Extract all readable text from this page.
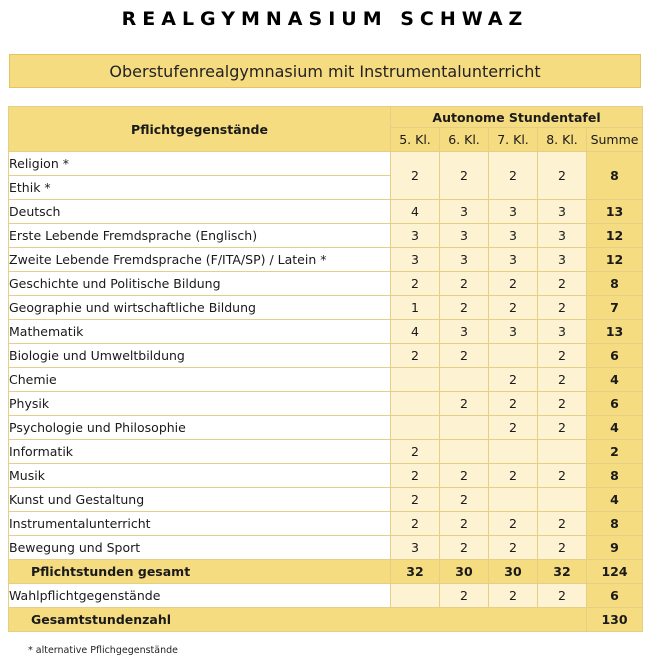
REALGYMNASIUM SCHWAZ
Oberstufenrealgymnasium mit Instrumentalunterricht
Pflichtgegenstände	Autonome Stundentafel				
	5. Kl.	6. Kl.	7. Kl.	8. Kl.	Summe
Religion *	2	2	2	2	8
Ethik *					
Deutsch	4	3	3	3	13
Erste Lebende Fremdsprache (Englisch)	3	3	3	3	12
Zweite Lebende Fremdsprache (F/ITA/SP) / Latein *	3	3	3	3	12
Geschichte und Politische Bildung	2	2	2	2	8
Geographie und wirtschaftliche Bildung	1	2	2	2	7
Mathematik	4	3	3	3	13
Biologie und Umweltbildung	2	2		2	6
Chemie			2	2	4
Physik		2	2	2	6
Psychologie und Philosophie			2	2	4
Informatik	2				2
Musik	2	2	2	2	8
Kunst und Gestaltung	2	2			4
Instrumentalunterricht	2	2	2	2	8
Bewegung und Sport	3	2	2	2	9
Pflichtstunden gesamt	32	30	30	32	124
Wahlpflichtgegenstände		2	2	2	6
Gesamtstundenzahl					130
* alternative Pflichgegenstände
